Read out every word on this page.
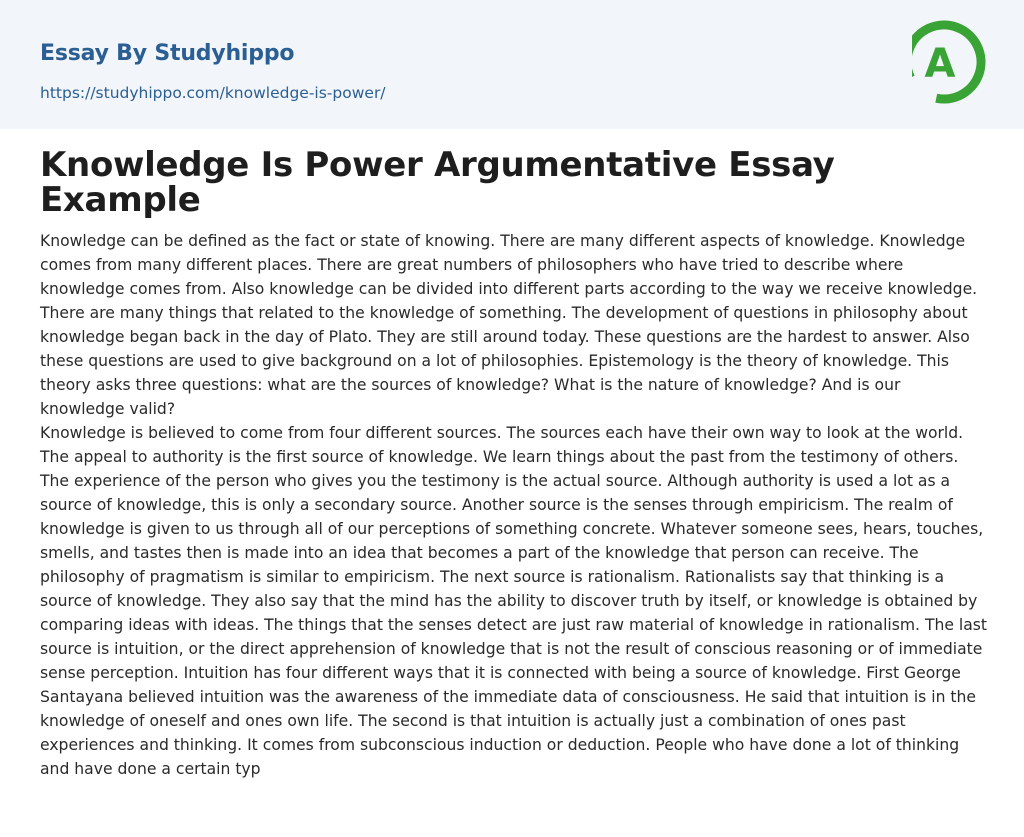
Essay By Studyhippo
https://studyhippo.com/knowledge-is-power/
A
Knowledge Is Power Argumentative Essay Example

Knowledge can be defined as the fact or state of knowing. There are many different aspects of knowledge. Knowledge comes from many different places. There are great numbers of philosophers who have tried to describe where knowledge comes from. Also knowledge can be divided into different parts according to the way we receive knowledge. There are many things that related to the knowledge of something. The development of questions in philosophy about knowledge began back in the day of Plato. They are still around today. These questions are the hardest to answer. Also these questions are used to give background on a lot of philosophies. Epistemology is the theory of knowledge. This theory asks three questions: what are the sources of knowledge? What is the nature of knowledge? And is our knowledge valid?

Knowledge is believed to come from four different sources. The sources each have their own way to look at the world. The appeal to authority is the first source of knowledge. We learn things about the past from the testimony of others. The experience of the person who gives you the testimony is the actual source. Although authority is used a lot as a source of knowledge, this is only a secondary source. Another source is the senses through empiricism. The realm of knowledge is given to us through all of our perceptions of something concrete. Whatever someone sees, hears, touches, smells, and tastes then is made into an idea that becomes a part of the knowledge that person can receive. The philosophy of pragmatism is similar to empiricism. The next source is rationalism. Rationalists say that thinking is a source of knowledge. They also say that the mind has the ability to discover truth by itself, or knowledge is obtained by comparing ideas with ideas. The things that the senses detect are just raw material of knowledge in rationalism. The last source is intuition, or the direct apprehension of knowledge that is not the result of conscious reasoning or of immediate sense perception. Intuition has four different ways that it is connected with being a source of knowledge. First George Santayana believed intuition was the awareness of the immediate data of consciousness. He said that intuition is in the knowledge of oneself and ones own life. The second is that intuition is actually just a combination of ones past experiences and thinking. It comes from subconscious induction or deduction. People who have done a lot of thinking and have done a certain typ
